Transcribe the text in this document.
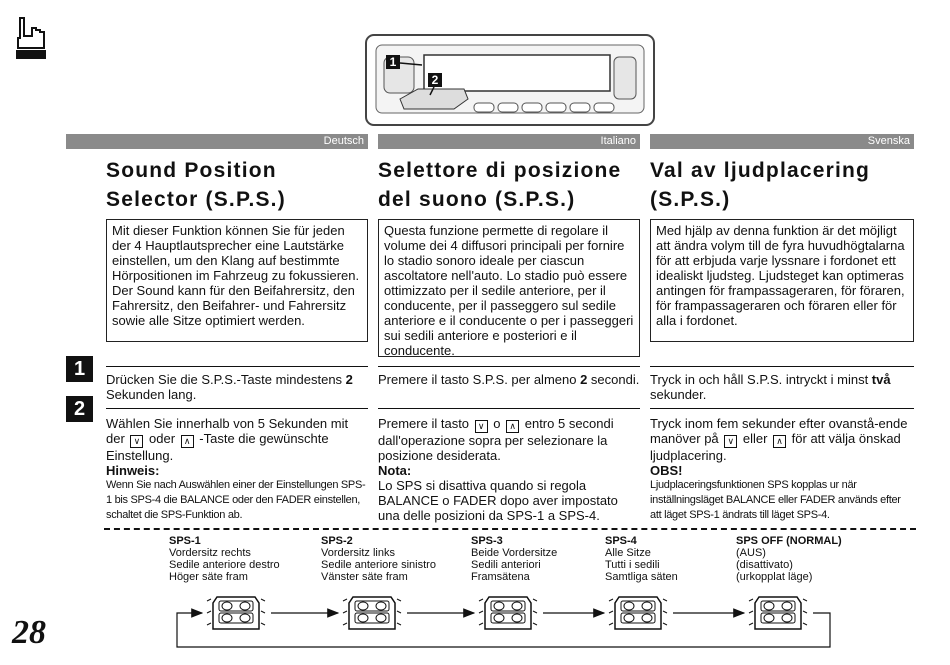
1
2
Deutsch	Italiano	Svenska
Sound Position Selector (S.P.S.)
Selettore di posizione del suono (S.P.S.)
Val av ljudplacering (S.P.S.)
Mit dieser Funktion können Sie für jeden der 4 Hauptlautsprecher eine Lautstärke einstellen, um den Klang auf bestimmte Hörpositionen im Fahrzeug zu fokussieren. Der Sound kann für den Beifahrersitz, den Fahrersitz, den Beifahrer- und Fahrersitz sowie alle Sitze optimiert werden.
Questa funzione permette di regolare il volume dei 4 diffusori principali per fornire lo stadio sonoro ideale per ciascun ascoltatore nell'auto. Lo stadio può essere ottimizzato per il sedile anteriore, per il conducente, per il passeggero sul sedile anteriore e il conducente o per i passeggeri sui sedili anteriore e posteriori e il conducente.
Med hjälp av denna funktion är det möjligt att ändra volym till de fyra huvudhögtalarna för att erbjuda varje lyssnare i fordonet ett idealiskt ljudsteg. Ljudsteget kan optimeras antingen för frampassageraren, för föraren, för frampassageraren och föraren eller för alla i fordonet.
1
2
Drücken Sie die S.P.S.-Taste mindestens 2 Sekunden lang.
Premere il tasto S.P.S. per almeno 2 secondi. Tryck in och håll S.P.S. intryckt i minst två sekunder.
Wählen Sie innerhalb von 5 Sekunden mit der ∨ oder ∧ -Taste die gewünschte Einstellung.
Hinweis:
Wenn Sie nach Auswählen einer der Einstellungen SPS-1 bis SPS-4 die BALANCE oder den FADER einstellen, schaltet die SPS-Funktion ab.
Premere il tasto ∨ o ∧ entro 5 secondi dall'operazione sopra per selezionare la posizione desiderata.
Nota:
Lo SPS si disattiva quando si regola BALANCE o FADER dopo aver impostato una delle posizioni da SPS-1 a SPS-4.
Tryck inom fem sekunder efter ovanstå-ende manöver på ∨ eller ∧ för att välja önskad ljudplacering.
OBS!
Ljudplaceringsfunktionen SPS kopplas ur när inställningsläget BALANCE eller FADER används efter att läget SPS-1 ändrats till läget SPS-4.
SPS-1
Vordersitz rechts
Sedile anteriore destro
Höger säte fram
SPS-2
Vordersitz links
Sedile anteriore sinistro
Vänster säte fram
SPS-3
Beide Vordersitze
Sedili anteriori
Framsätena
SPS-4
Alle Sitze
Tutti i sedili
Samtliga säten
SPS OFF (NORMAL)
(AUS)
(disattivato)
(urkopplat läge)
28
